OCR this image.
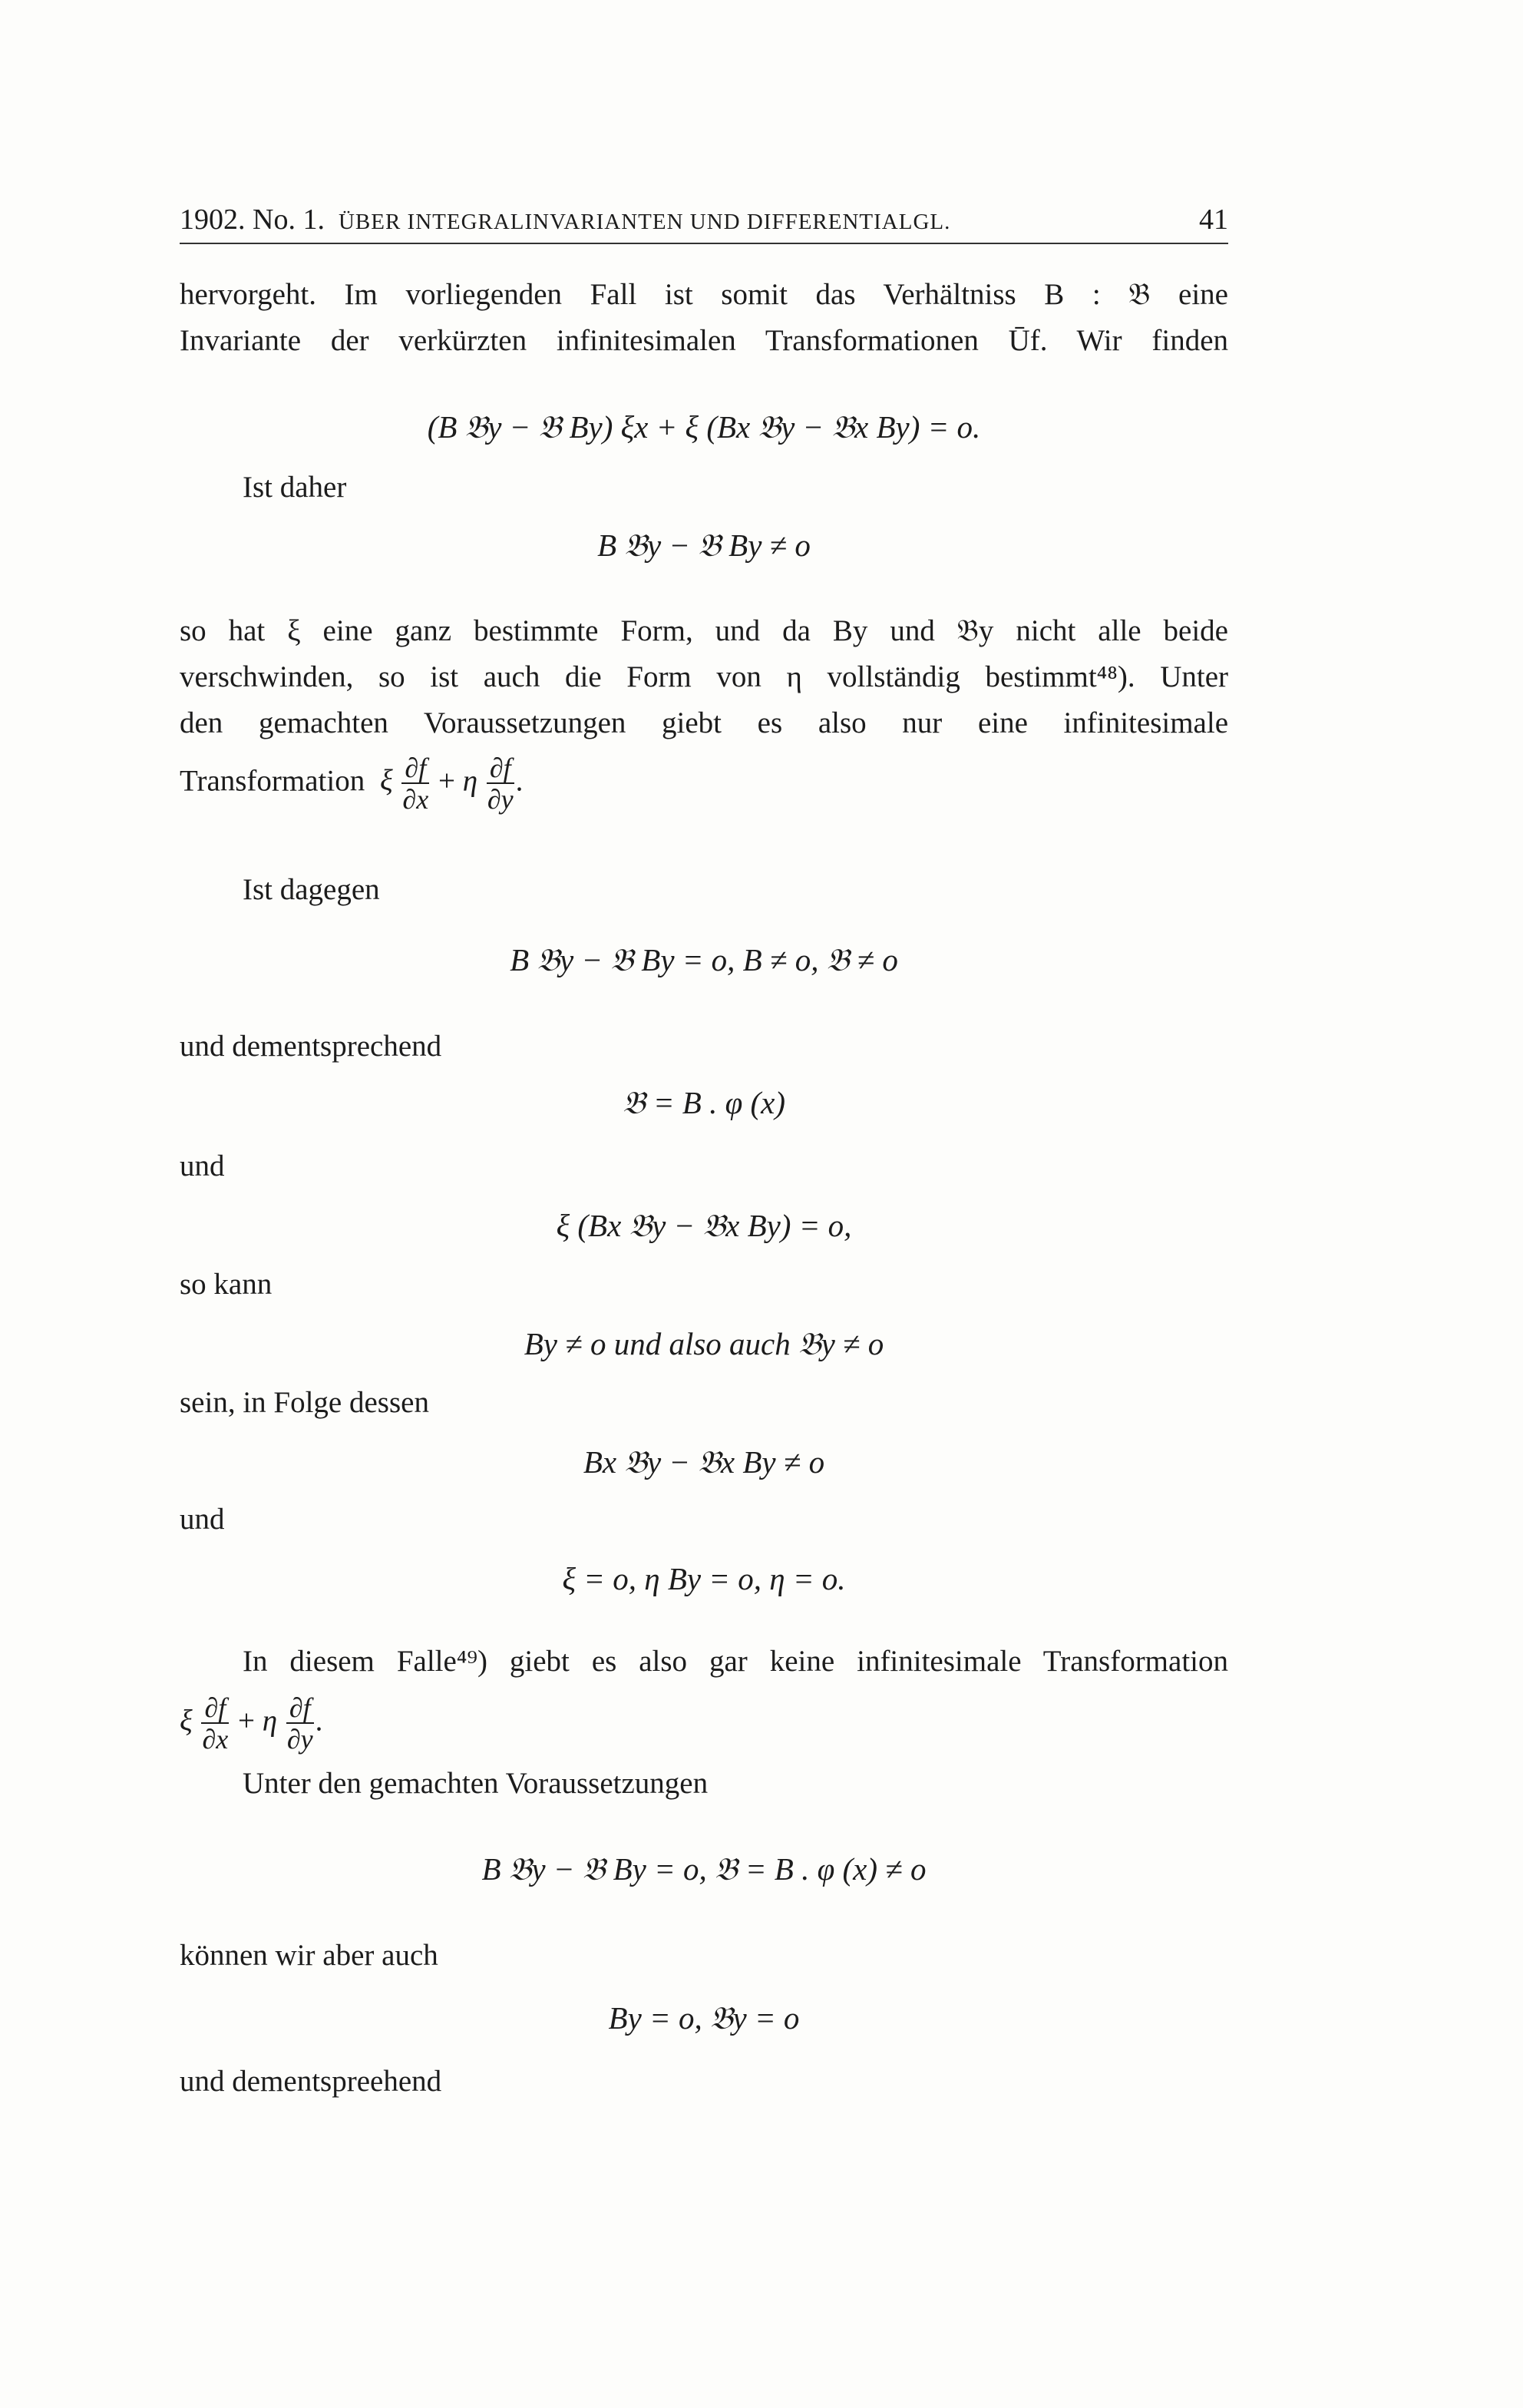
1902. No. 1. ÜBER INTEGRALINVARIANTEN UND DIFFERENTIALGL.	41
hervorgeht. Im vorliegenden Fall ist somit das Verhältniss B : 𝔅 eine
Invariante der verkürzten infinitesimalen Transformationen Ūf. Wir finden
(B 𝔅y − 𝔅 By) ξx + ξ (Bx 𝔅y − 𝔅x By) = o.
Ist daher
B 𝔅y − 𝔅 By ≠ o
so hat ξ eine ganz bestimmte Form, und da By und 𝔅y nicht alle beide
verschwinden, so ist auch die Form von η vollständig bestimmt⁴⁸). Unter
den gemachten Voraussetzungen giebt es also nur eine infinitesimale
Transformation ξ $\frac{\partial f}{\partial x} + \eta \frac{\partial f}{\partial y}$ .
Ist dagegen
B 𝔅y − 𝔅 By = o, B ≠ o, 𝔅 ≠ o
und dementsprechend
𝔅 = B . φ (x)
und
ξ (Bx 𝔅y − 𝔅x By) = o,
so kann
By ≠ o und also auch 𝔅y ≠ o
sein, in Folge dessen
Bx 𝔅y − 𝔅x By ≠ o
und
ξ = o, η By = o, η = o.
In diesem Falle⁴⁹) giebt es also gar keine infinitesimale Transformation
ξ $\frac{\partial f}{\partial x} + \eta \frac{\partial f}{\partial y}$ .
Unter den gemachten Voraussetzungen
B 𝔅y − 𝔅 By = o, 𝔅 = B . φ (x) ≠ o
können wir aber auch
By = o, 𝔅y = o
und dementspreehend
